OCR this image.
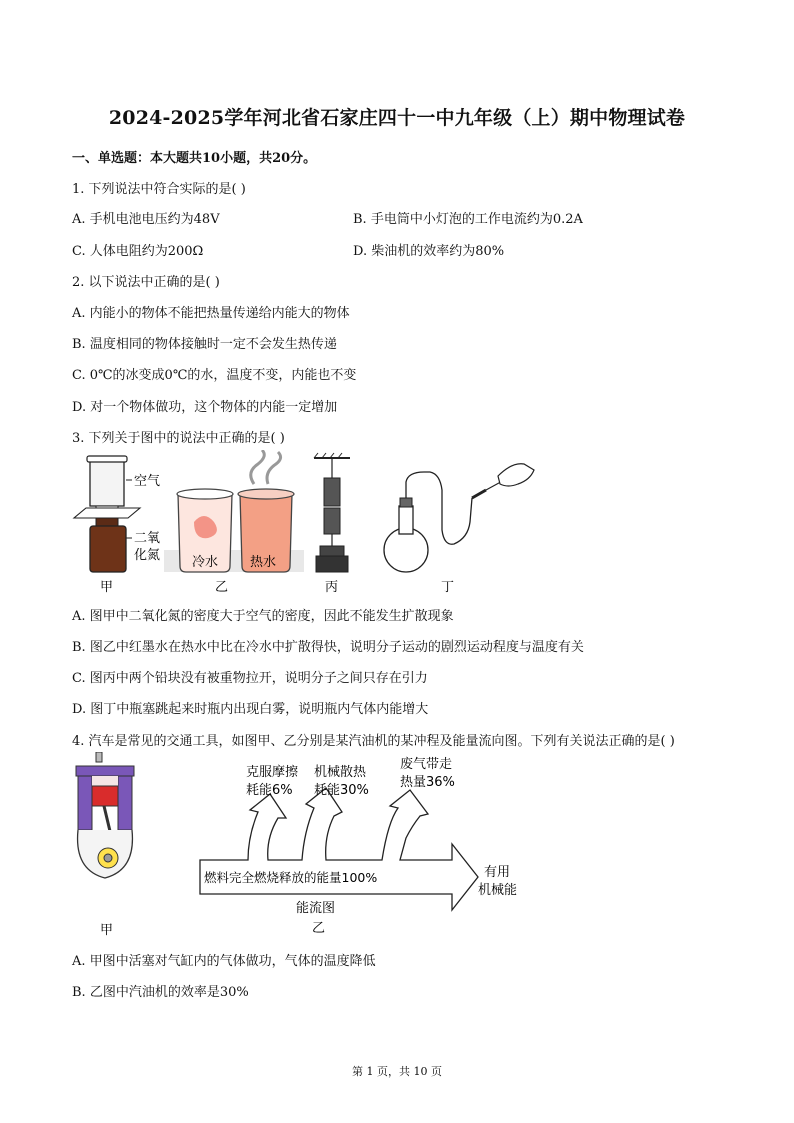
2024-2025学年河北省石家庄四十一中九年级（上）期中物理试卷
一、单选题：本大题共10小题，共20分。
1. 下列说法中符合实际的是( )
A. 手机电池电压约为48V	B. 手电筒中小灯泡的工作电流约为0.2A
C. 人体电阻约为200Ω	D. 柴油机的效率约为80%
2. 以下说法中正确的是( )
A. 内能小的物体不能把热量传递给内能大的物体
B. 温度相同的物体接触时一定不会发生热传递
C. 0℃的冰变成0℃的水，温度不变，内能也不变
D. 对一个物体做功，这个物体的内能一定增加
3. 下列关于图中的说法中正确的是( )
空气
二氧
化氮
甲
冷水 热水
乙	丙	丁
A. 图甲中二氧化氮的密度大于空气的密度，因此不能发生扩散现象
B. 图乙中红墨水在热水中比在冷水中扩散得快，说明分子运动的剧烈运动程度与温度有关
C. 图丙中两个铅块没有被重物拉开，说明分子之间只存在引力
D. 图丁中瓶塞跳起来时瓶内出现白雾，说明瓶内气体内能增大
4. 汽车是常见的交通工具，如图甲、乙分别是某汽油机的某冲程及能量流向图。下列有关说法正确的是( )
甲
克服摩擦
耗能6%
机械散热
耗能30%
废气带走
热量36%
燃料完全燃烧释放的能量100%	有用
机械能
能流图
乙
A. 甲图中活塞对气缸内的气体做功，气体的温度降低
B. 乙图中汽油机的效率是30%
第 1 页，共 10 页
